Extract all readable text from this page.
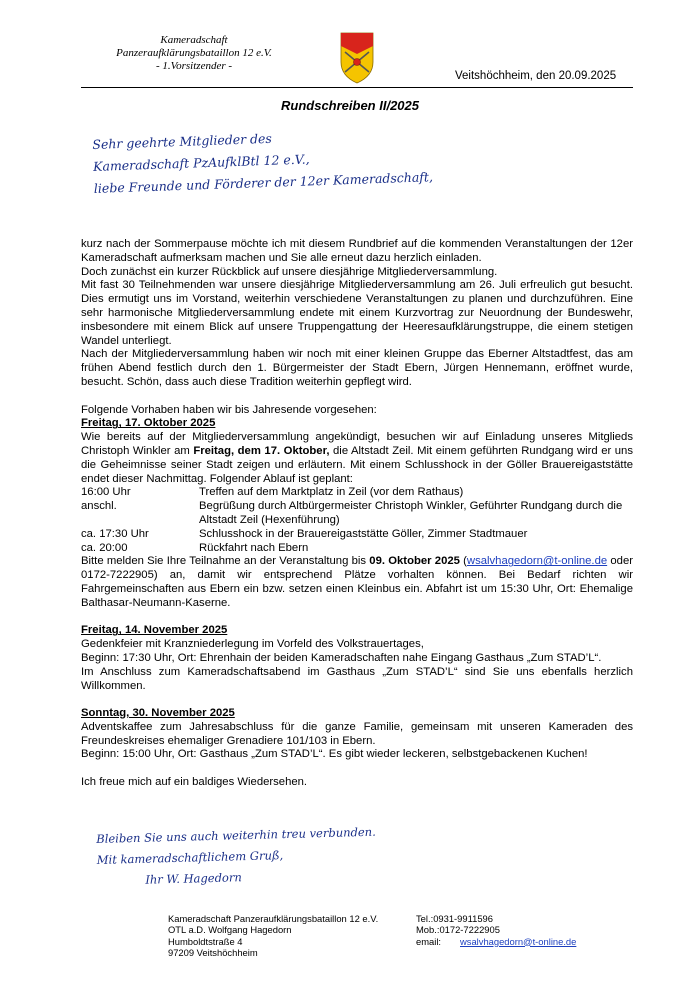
Kameradschaft
Panzeraufklärungsbataillon 12 e.V.
- 1.Vorsitzender -
Veitshöchheim, den 20.09.2025
Rundschreiben II/2025
Sehr geehrte Mitglieder des
Kameradschaft PzAufklBtl 12 e.V.,
liebe Freunde und Förderer der 12er Kameradschaft,

kurz nach der Sommerpause möchte ich mit diesem Rundbrief auf die kommenden Veranstaltungen der 12er Kameradschaft aufmerksam machen und Sie alle erneut dazu herzlich einladen.

Doch zunächst ein kurzer Rückblick auf unsere diesjährige Mitgliederversammlung.

Mit fast 30 Teilnehmenden war unsere diesjährige Mitgliederversammlung am 26. Juli erfreulich gut besucht. Dies ermutigt uns im Vorstand, weiterhin verschiedene Veranstaltungen zu planen und durchzuführen. Eine sehr harmonische Mitgliederversammlung endete mit einem Kurzvortrag zur Neuordnung der Bundeswehr, insbesondere mit einem Blick auf unsere Truppengattung der Heeresaufklärungstruppe, die einem stetigen Wandel unterliegt.

Nach der Mitgliederversammlung haben wir noch mit einer kleinen Gruppe das Eberner Altstadtfest, das am frühen Abend festlich durch den 1. Bürgermeister der Stadt Ebern, Jürgen Hennemann, eröffnet wurde, besucht. Schön, dass auch diese Tradition weiterhin gepflegt wird.

Folgende Vorhaben haben wir bis Jahresende vorgesehen:

Freitag, 17. Oktober 2025

Wie bereits auf der Mitgliederversammlung angekündigt, besuchen wir auf Einladung unseres Mitglieds Christoph Winkler am Freitag, dem 17. Oktober, die Altstadt Zeil. Mit einem geführten Rundgang wird er uns die Geheimnisse seiner Stadt zeigen und erläutern. Mit einem Schlusshock in der Göller Brauereigaststätte endet dieser Nachmittag. Folgender Ablauf ist geplant:

16:00 Uhr	Treffen auf dem Marktplatz in Zeil (vor dem Rathaus)
anschl.	Begrüßung durch Altbürgermeister Christoph Winkler, Geführter Rundgang durch die Altstadt Zeil (Hexenführung)
ca. 17:30 Uhr	Schlusshock in der Brauereigaststätte Göller, Zimmer Stadtmauer
ca. 20:00	Rückfahrt nach Ebern

Bitte melden Sie Ihre Teilnahme an der Veranstaltung bis 09. Oktober 2025 (wsalvhagedorn@t-online.de oder 0172-7222905) an, damit wir entsprechend Plätze vorhalten können. Bei Bedarf richten wir Fahrgemeinschaften aus Ebern ein bzw. setzen einen Kleinbus ein. Abfahrt ist um 15:30 Uhr, Ort: Ehemalige Balthasar-Neumann-Kaserne.

Freitag, 14. November 2025

Gedenkfeier mit Kranzniederlegung im Vorfeld des Volkstrauertages,

Beginn: 17:30 Uhr, Ort: Ehrenhain der beiden Kameradschaften nahe Eingang Gasthaus „Zum STAD’L“.

Im Anschluss zum Kameradschaftsabend im Gasthaus „Zum STAD’L“ sind Sie uns ebenfalls herzlich Willkommen.

Sonntag, 30. November 2025

Adventskaffee zum Jahresabschluss für die ganze Familie, gemeinsam mit unseren Kameraden des Freundeskreises ehemaliger Grenadiere 101/103 in Ebern.

Beginn: 15:00 Uhr, Ort: Gasthaus „Zum STAD’L“. Es gibt wieder leckeren, selbstgebackenen Kuchen!

Ich freue mich auf ein baldiges Wiedersehen.

Bleiben Sie uns auch weiterhin treu verbunden.
Mit kameradschaftlichem Gruß,
Ihr W. Hagedorn
Kameradschaft Panzeraufklärungsbataillon 12 e.V.
OTL a.D. Wolfgang Hagedorn
Humboldtstraße 4
97209 Veitshöchheim
Tel.:0931-9911596
Mob.:0172-7222905
email: wsalvhagedorn@t-online.de
